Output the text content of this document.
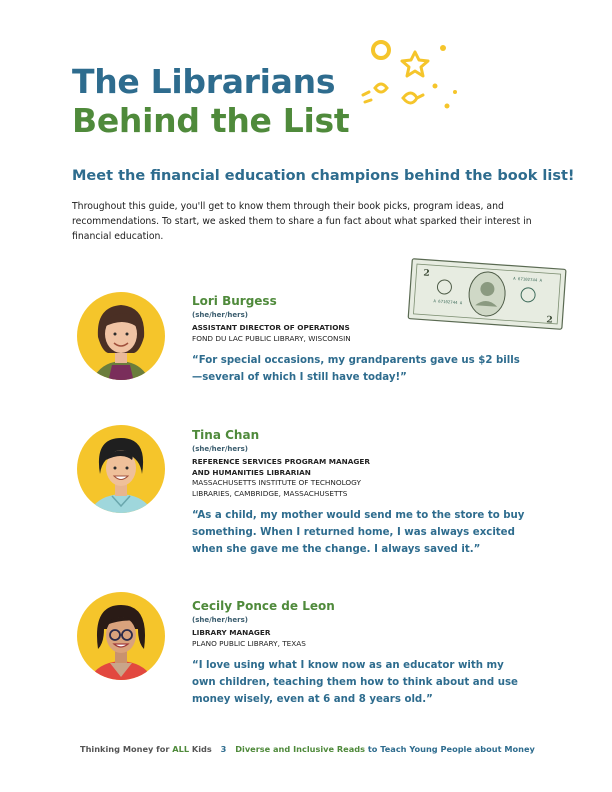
The Librarians
Behind the List

Meet the financial education champions behind the book list!

Throughout this guide, you'll get to know them through their book picks, program ideas, and recommendations. To start, we asked them to share a fun fact about what sparked their interest in financial education.

2
2
A 67102744 A
A 67102744 A

Lori Burgess

(she/her/hers)
ASSISTANT DIRECTOR OF OPERATIONS
FOND DU LAC PUBLIC LIBRARY, WISCONSIN

“For special occasions, my grandparents gave us $2 bills—several of which I still have today!”

Tina Chan

(she/her/hers)
REFERENCE SERVICES PROGRAM MANAGER
AND HUMANITIES LIBRARIAN
MASSACHUSETTS INSTITUTE OF TECHNOLOGY
LIBRARIES, CAMBRIDGE, MASSACHUSETTS

“As a child, my mother would send me to the store to buy something. When I returned home, I was always excited when she gave me the change. I always saved it.”

Cecily Ponce de Leon

(she/her/hers)
LIBRARY MANAGER
PLANO PUBLIC LIBRARY, TEXAS

“I love using what I know now as an educator with my own children, teaching them how to think about and use money wisely, even at 6 and 8 years old.”

Thinking Money for ALL Kids 3 Diverse and Inclusive Reads to Teach Young People about Money
